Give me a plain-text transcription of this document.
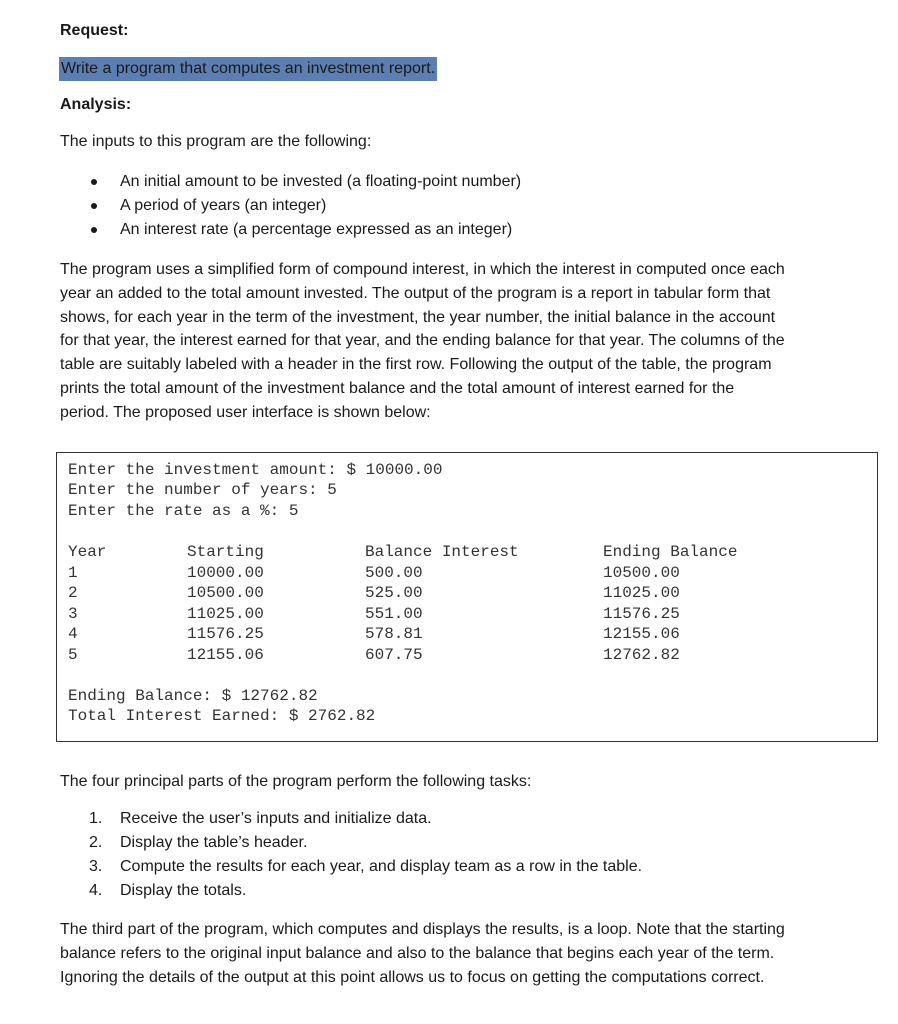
Request:
Write a program that computes an investment report.
Analysis:
The inputs to this program are the following:
An initial amount to be invested (a floating-point number)
A period of years (an integer)
An interest rate (a percentage expressed as an integer)

The program uses a simplified form of compound interest, in which the interest in computed once each

year an added to the total amount invested. The output of the program is a report in tabular form that

shows, for each year in the term of the investment, the year number, the initial balance in the account

for that year, the interest earned for that year, and the ending balance for that year. The columns of the

table are suitably labeled with a header in the first row. Following the output of the table, the program

prints the total amount of the investment balance and the total amount of interest earned for the

period. The proposed user interface is shown below:

Enter the investment amount: $ 10000.00
Enter the number of years: 5
Enter the rate as a %: 5
Year	Starting	Balance Interest	Ending Balance
1	10000.00	500.00	10500.00
2	10500.00	525.00	11025.00
3	11025.00	551.00	11576.25
4	11576.25	578.81	12155.06
5	12155.06	607.75	12762.82
Ending Balance: $ 12762.82
Total Interest Earned: $ 2762.82
The four principal parts of the program perform the following tasks:
1. Receive the user’s inputs and initialize data.
2. Display the table’s header.
3. Compute the results for each year, and display team as a row in the table.
4. Display the totals.

The third part of the program, which computes and displays the results, is a loop. Note that the starting

balance refers to the original input balance and also to the balance that begins each year of the term.

Ignoring the details of the output at this point allows us to focus on getting the computations correct.
